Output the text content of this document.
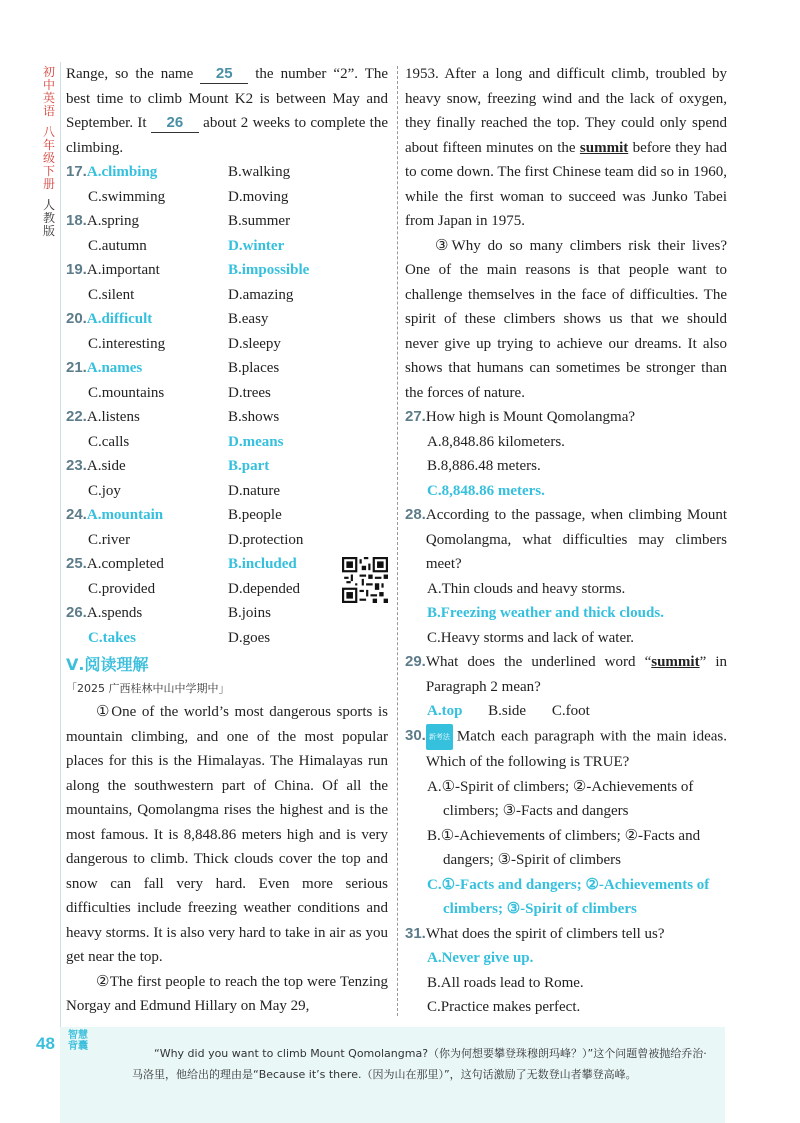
初中英语
八年级 下册
人教版

Range, so the name 25 the number “2”. The best time to climb Mount K2 is between May and September. It 26 about 2 weeks to complete the climbing.

17.A.climbing	B.walking
C.swimming	D.moving
18.A.spring	B.summer
C.autumn	D.winter
19.A.important	B.impossible
C.silent	D.amazing
20.A.difficult	B.easy
C.interesting	D.sleepy
21.A.names	B.places
C.mountains	D.trees
22.A.listens	B.shows
C.calls	D.means
23.A.side	B.part
C.joy	D.nature
24.A.mountain	B.people
C.river	D.protection
25.A.completed	B.included
C.provided	D.depended
26.A.spends	B.joins
C.takes	D.goes
Ⅴ.阅读理解
「2025 广西桂林中山中学期中」

①One of the world’s most dangerous sports is mountain climbing, and one of the most popular places for this is the Himalayas. The Himalayas run along the southwestern part of China. Of all the mountains, Qomolangma rises the highest and is the most famous. It is 8,848.86 meters high and is very dangerous to climb. Thick clouds cover the top and snow can fall very hard. Even more serious difficulties include freezing weather conditions and heavy storms. It is also very hard to take in air as you get near the top.

②The first people to reach the top were Tenzing Norgay and Edmund Hillary on May 29,

1953. After a long and difficult climb, troubled by heavy snow, freezing wind and the lack of oxygen, they finally reached the top. They could only spend about fifteen minutes on the summit before they had to come down. The first Chinese team did so in 1960, while the first woman to succeed was Junko Tabei from Japan in 1975.

③Why do so many climbers risk their lives? One of the main reasons is that people want to challenge themselves in the face of difficulties. The spirit of these climbers shows us that we should never give up trying to achieve our dreams. It also shows that humans can sometimes be stronger than the forces of nature.

27. How high is Mount Qomolangma?
A.8,848.86 kilometers.
B.8,886.48 meters.
C.8,848.86 meters.
28. According to the passage, when climbing Mount Qomolangma, what difficulties may climbers meet?
A.Thin clouds and heavy storms.
B.Freezing weather and thick clouds.
C.Heavy storms and lack of water.
29. What does the underlined word “summit” in Paragraph 2 mean?
A.top B.side C.foot
30. 新考法 Match each paragraph with the main ideas. Which of the following is TRUE?
A.①-Spirit of climbers; ②-Achievements of climbers; ③-Facts and dangers
B.①-Achievements of climbers; ②-Facts and dangers; ③-Spirit of climbers
C.①-Facts and dangers; ②-Achievements of climbers; ③-Spirit of climbers
31. What does the spirit of climbers tell us?
A.Never give up.
B.All roads lead to Rome.
C.Practice makes perfect.
48
“Why did you want to climb Mount Qomolangma?（你为何想要攀登珠穆朗玛峰？）”这个问题曾被抛给乔治·马洛里，他给出的理由是“Because it’s there.（因为山在那里）”，这句话激励了无数登山者攀登高峰。
智慧背囊
